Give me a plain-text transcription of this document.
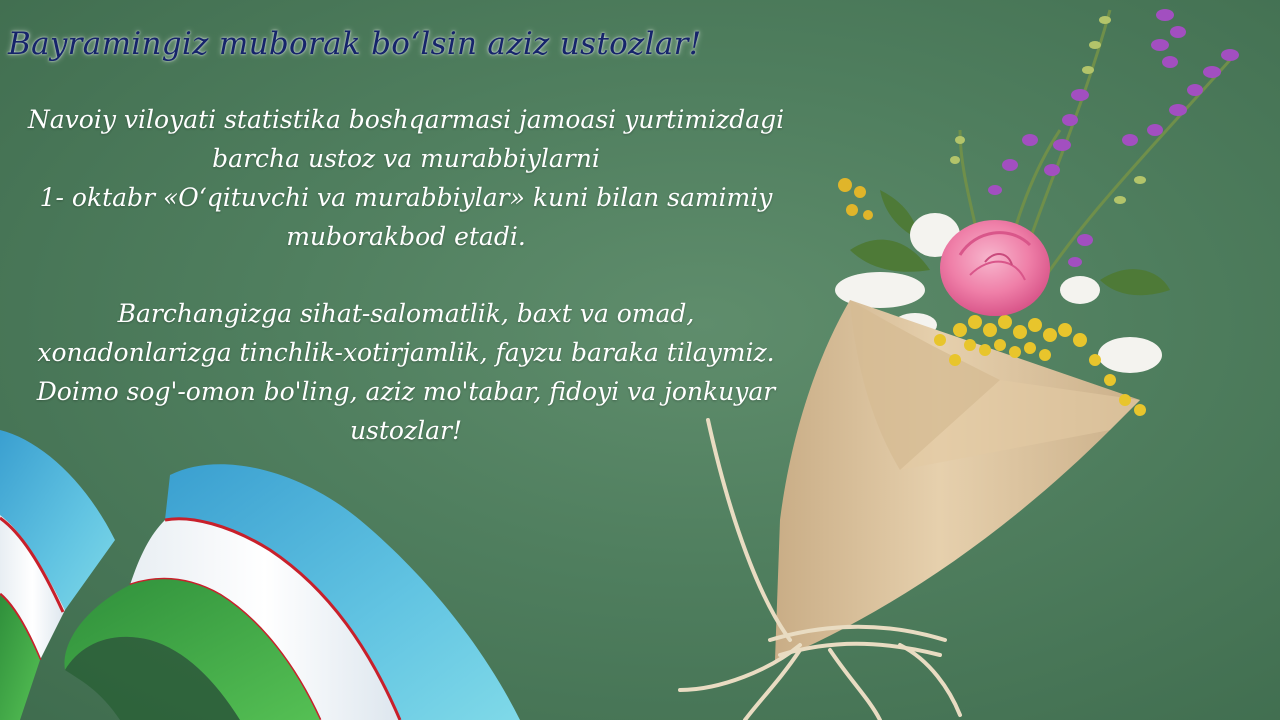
Bayramingiz muborak bo‘lsin aziz ustozlar!
Navoiy viloyati statistika boshqarmasi jamoasi yurtimizdagi
barcha ustoz va murabbiylarni
1- oktabr «O‘qituvchi va murabbiylar» kuni bilan samimiy
muborakbod etadi.
Barchangizga sihat-salomatlik, baxt va omad,
xonadonlarizga tinchlik-xotirjamlik, fayzu baraka tilaymiz.
Doimo sog'-omon bo'ling, aziz mo'tabar, fidoyi va jonkuyar
ustozlar!
